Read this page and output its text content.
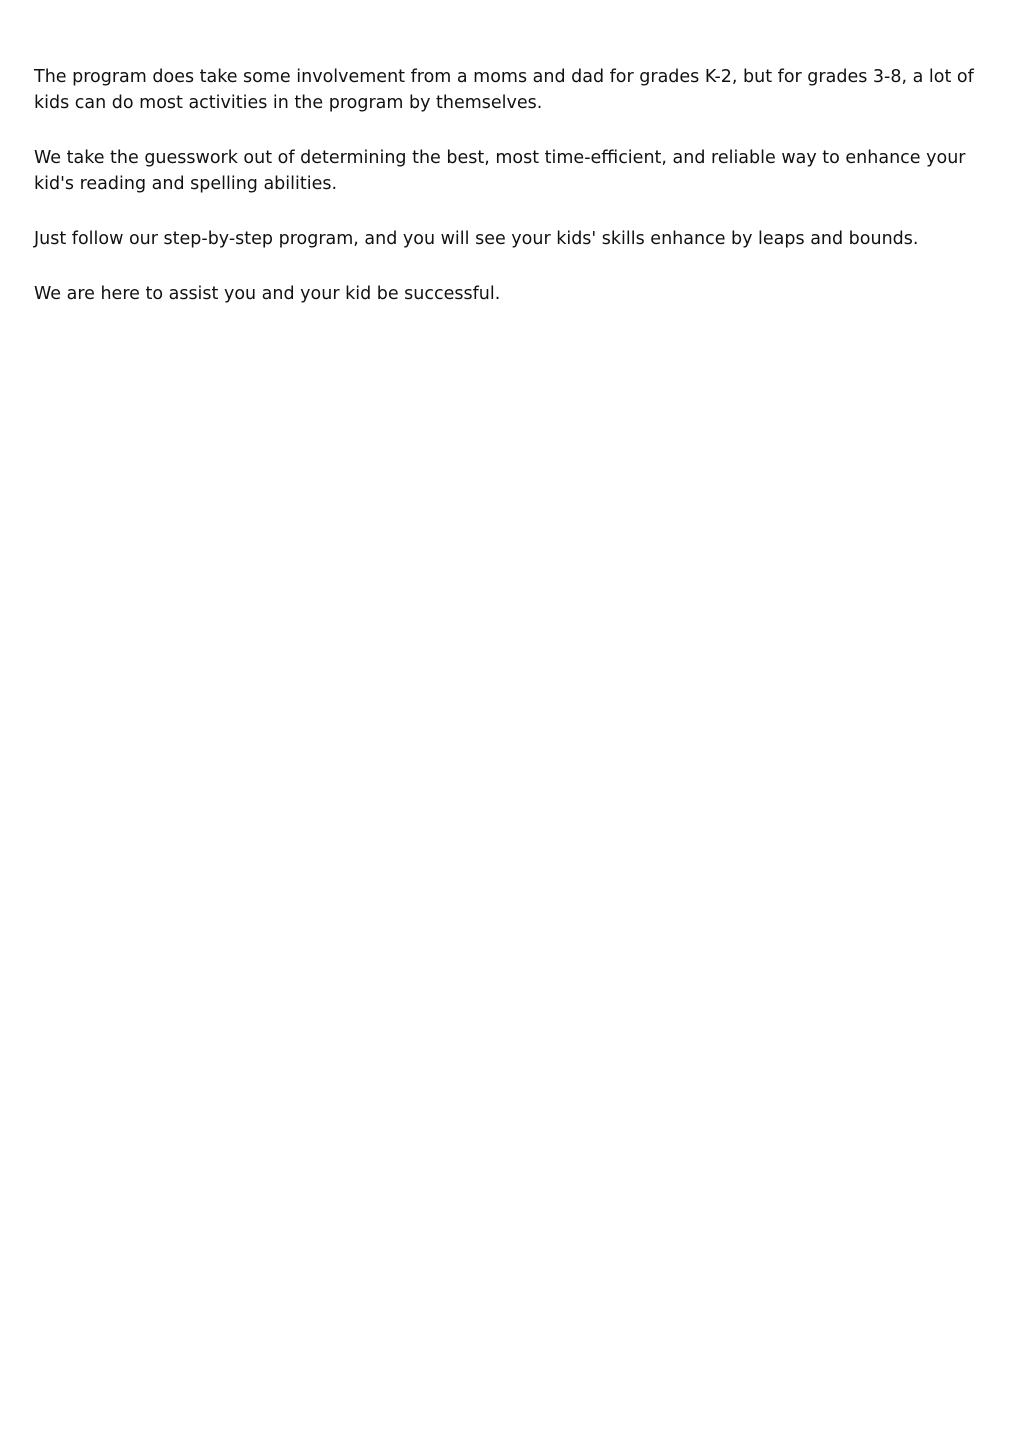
The program does take some involvement from a moms and dad for grades K-2, but for grades 3-8, a lot of kids can do most activities in the program by themselves.

We take the guesswork out of determining the best, most time-efficient, and reliable way to enhance your kid's reading and spelling abilities.

Just follow our step-by-step program, and you will see your kids' skills enhance by leaps and bounds.

We are here to assist you and your kid be successful.
